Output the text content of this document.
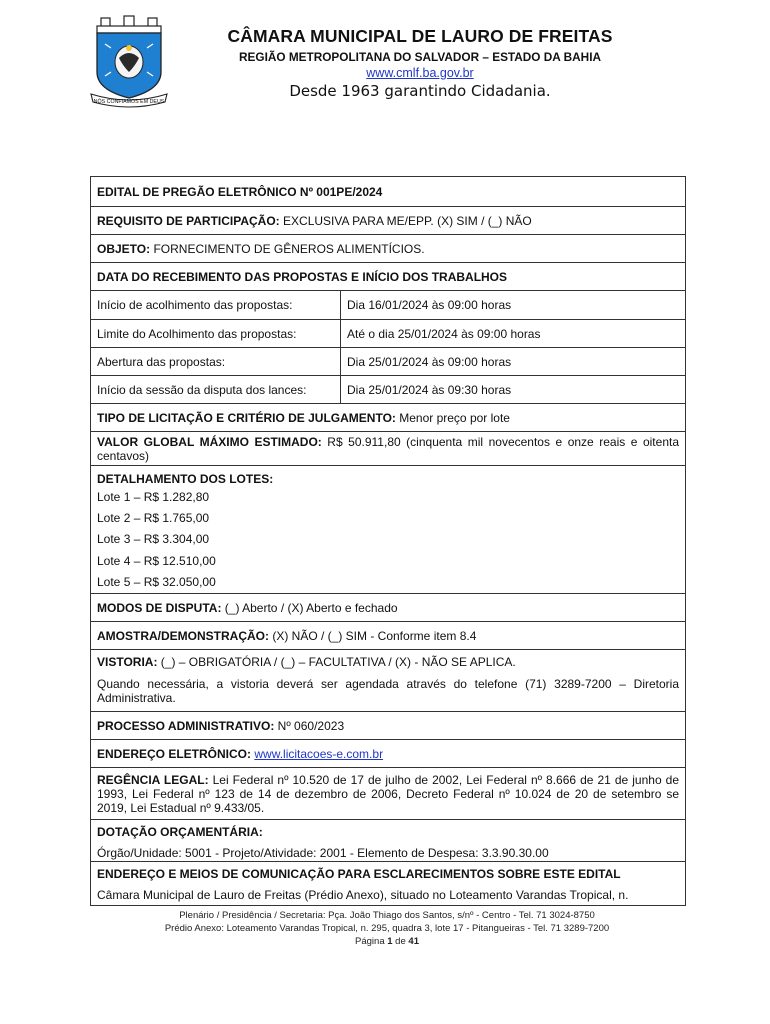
NÓS CONFIAMOS EM DEUS
CÂMARA MUNICIPAL DE LAURO DE FREITAS
REGIÃO METROPOLITANA DO SALVADOR – ESTADO DA BAHIA
www.cmlf.ba.gov.br
Desde 1963 garantindo Cidadania.
EDITAL DE PREGÃO ELETRÔNICO Nº 001PE/2024
REQUISITO DE PARTICIPAÇÃO: EXCLUSIVA PARA ME/EPP. (X) SIM / (_) NÃO
OBJETO: FORNECIMENTO DE GÊNEROS ALIMENTÍCIOS.
DATA DO RECEBIMENTO DAS PROPOSTAS E INÍCIO DOS TRABALHOS
Início de acolhimento das propostas:	Dia 16/01/2024 às 09:00 horas
Limite do Acolhimento das propostas:	Até o dia 25/01/2024 às 09:00 horas
Abertura das propostas:	Dia 25/01/2024 às 09:00 horas
Início da sessão da disputa dos lances:	Dia 25/01/2024 às 09:30 horas
TIPO DE LICITAÇÃO E CRITÉRIO DE JULGAMENTO: Menor preço por lote
VALOR GLOBAL MÁXIMO ESTIMADO: R$ 50.911,80 (cinquenta mil novecentos e onze reais e oitenta centavos)
DETALHAMENTO DOS LOTES:
Lote 1 – R$ 1.282,80
Lote 2 – R$ 1.765,00
Lote 3 – R$ 3.304,00
Lote 4 – R$ 12.510,00
Lote 5 – R$ 32.050,00
MODOS DE DISPUTA: (_) Aberto / (X) Aberto e fechado
AMOSTRA/DEMONSTRAÇÃO: (X) NÃO / (_) SIM - Conforme item 8.4
VISTORIA: (_) – OBRIGATÓRIA / (_) – FACULTATIVA / (X) - NÃO SE APLICA.
Quando necessária, a vistoria deverá ser agendada através do telefone (71) 3289-7200 – Diretoria Administrativa.
PROCESSO ADMINISTRATIVO: Nº 060/2023
ENDEREÇO ELETRÔNICO: www.licitacoes-e.com.br
REGÊNCIA LEGAL: Lei Federal nº 10.520 de 17 de julho de 2002, Lei Federal nº 8.666 de 21 de junho de 1993, Lei Federal nº 123 de 14 de dezembro de 2006, Decreto Federal nº 10.024 de 20 de setembro se 2019, Lei Estadual nº 9.433/05.
DOTAÇÃO ORÇAMENTÁRIA:
Órgão/Unidade: 5001 - Projeto/Atividade: 2001 - Elemento de Despesa: 3.3.90.30.00
ENDEREÇO E MEIOS DE COMUNICAÇÃO PARA ESCLARECIMENTOS SOBRE ESTE EDITAL
Câmara Municipal de Lauro de Freitas (Prédio Anexo), situado no Loteamento Varandas Tropical, n.
Plenário / Presidência / Secretaria: Pça. João Thiago dos Santos, s/nº - Centro - Tel. 71 3024-8750
Prédio Anexo: Loteamento Varandas Tropical, n. 295, quadra 3, lote 17 - Pitangueiras - Tel. 71 3289-7200
Página 1 de 41
